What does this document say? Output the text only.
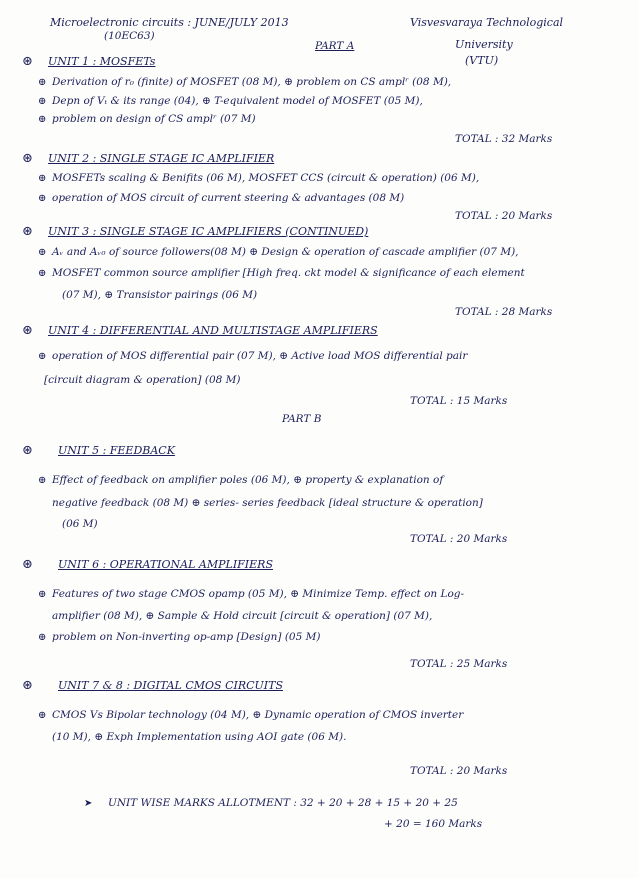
Microelectronic circuits : JUNE/JULY 2013
(10EC63)
Visvesvaraya Technological
University
(VTU)
PART A
⊛ UNIT 1 : MOSFETs
⊕ Derivation of r₀ (finite) of MOSFET (08 M), ⊕ problem on CS amplʳ (08 M),
⊕ Depn of Vₜ & its range (04), ⊕ T-equivalent model of MOSFET (05 M),
⊕ problem on design of CS amplʳ (07 M)
TOTAL : 32 Marks
⊛ UNIT 2 : SINGLE STAGE IC AMPLIFIER
⊕ MOSFETs scaling & Benifits (06 M), MOSFET CCS (circuit & operation) (06 M),
⊕ operation of MOS circuit of current steering & advantages (08 M)
TOTAL : 20 Marks
⊛ UNIT 3 : SINGLE STAGE IC AMPLIFIERS (CONTINUED)
⊕ Aᵥ and Aᵥ₀ of source followers(08 M) ⊕ Design & operation of cascade amplifier (07 M),
⊕ MOSFET common source amplifier [High freq. ckt model & significance of each element
(07 M), ⊕ Transistor pairings (06 M)
TOTAL : 28 Marks
⊛ UNIT 4 : DIFFERENTIAL AND MULTISTAGE AMPLIFIERS
⊕ operation of MOS differential pair (07 M), ⊕ Active load MOS differential pair
[circuit diagram & operation] (08 M)
TOTAL : 15 Marks
PART B
⊛ UNIT 5 : FEEDBACK
⊕ Effect of feedback on amplifier poles (06 M), ⊕ property & explanation of
negative feedback (08 M) ⊕ series- series feedback [ideal structure & operation]
(06 M)
TOTAL : 20 Marks
⊛ UNIT 6 : OPERATIONAL AMPLIFIERS
⊕ Features of two stage CMOS opamp (05 M), ⊕ Minimize Temp. effect on Log-
amplifier (08 M), ⊕ Sample & Hold circuit [circuit & operation] (07 M),
⊕ problem on Non-inverting op-amp [Design] (05 M)
TOTAL : 25 Marks
⊛ UNIT 7 & 8 : DIGITAL CMOS CIRCUITS
⊕ CMOS Vs Bipolar technology (04 M), ⊕ Dynamic operation of CMOS inverter
(10 M), ⊕ Exph Implementation using AOI gate (06 M).
TOTAL : 20 Marks
➤ UNIT WISE MARKS ALLOTMENT : 32 + 20 + 28 + 15 + 20 + 25
+ 20 = 160 Marks
